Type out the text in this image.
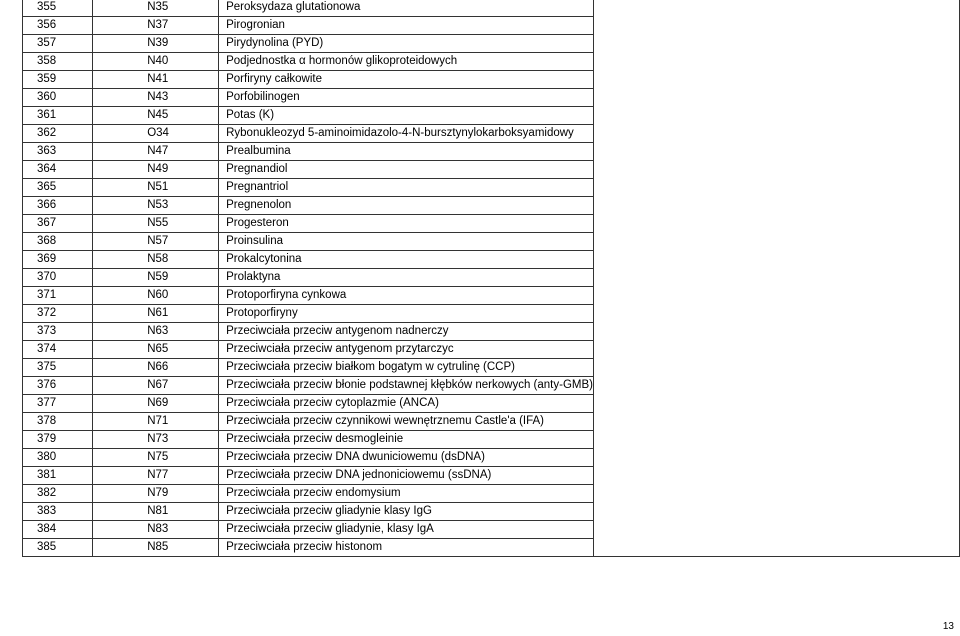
355	N35	Peroksydaza glutationowa	
356	N37	Pirogronian	
357	N39	Pirydynolina (PYD)	
358	N40	Podjednostka α hormonów glikoproteidowych	
359	N41	Porfiryny całkowite	
360	N43	Porfobilinogen	
361	N45	Potas (K)	
362	O34	Rybonukleozyd 5-aminoimidazolo-4-N-bursztynylokarboksyamidowy	
363	N47	Prealbumina	
364	N49	Pregnandiol	
365	N51	Pregnantriol	
366	N53	Pregnenolon	
367	N55	Progesteron	
368	N57	Proinsulina	
369	N58	Prokalcytonina	
370	N59	Prolaktyna	
371	N60	Protoporfiryna cynkowa	
372	N61	Protoporfiryny	
373	N63	Przeciwciała przeciw antygenom nadnerczy	
374	N65	Przeciwciała przeciw antygenom przytarczyc	
375	N66	Przeciwciała przeciw białkom bogatym w cytrulinę (CCP)	
376	N67	Przeciwciała przeciw błonie podstawnej kłębków nerkowych (anty-GMB)	
377	N69	Przeciwciała przeciw cytoplazmie (ANCA)	
378	N71	Przeciwciała przeciw czynnikowi wewnętrznemu Castle'a (IFA)	
379	N73	Przeciwciała przeciw desmogleinie	
380	N75	Przeciwciała przeciw DNA dwuniciowemu (dsDNA)	
381	N77	Przeciwciała przeciw DNA jednoniciowemu (ssDNA)	
382	N79	Przeciwciała przeciw endomysium	
383	N81	Przeciwciała przeciw gliadynie klasy IgG	
384	N83	Przeciwciała przeciw gliadynie, klasy IgA	
385	N85	Przeciwciała przeciw histonom	
13
